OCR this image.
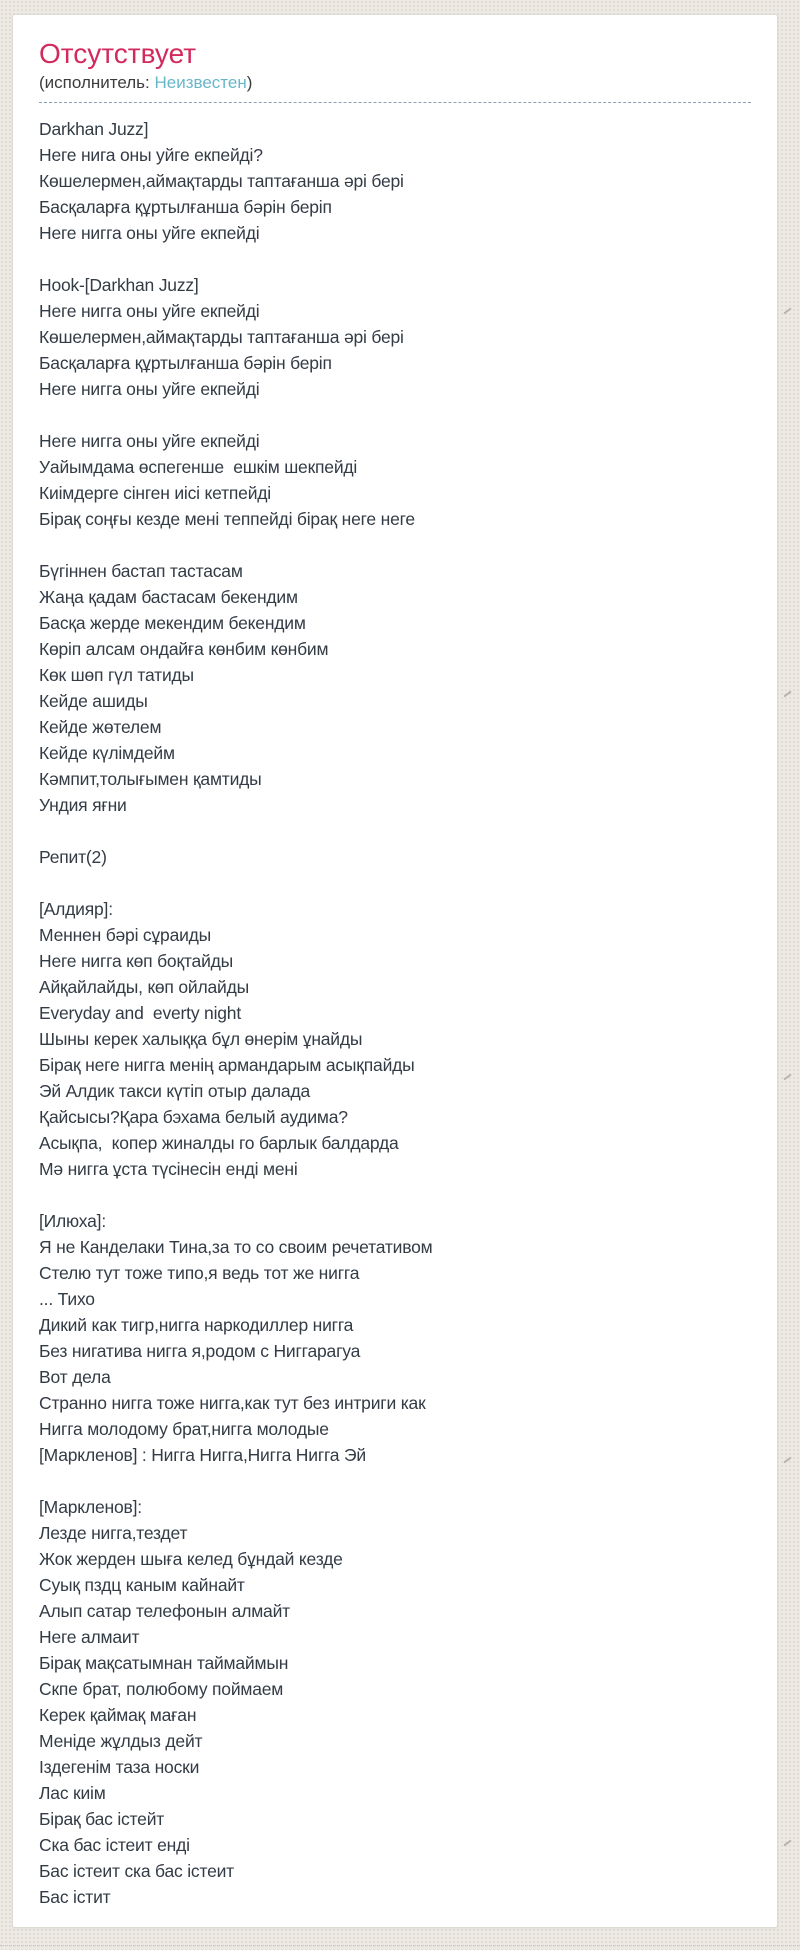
Отсутствует
(исполнитель: Неизвестен)
Darkhan Juzz]
Неге нига оны уйге екпейді?
Көшелермен,аймақтарды таптағанша әрі бері
Басқаларға құртылғанша бәрін беріп
Неге нигга оны уйге екпейді
Hook-[Darkhan Juzz]
Неге нигга оны уйге екпейді
Көшелермен,аймақтарды таптағанша әрі бері
Басқаларға құртылғанша бәрін беріп
Неге нигга оны уйге екпейді
Неге нигга оны уйге екпейді
Уайымдама өспегенше  ешкім шекпейді
Киімдерге сінген иісі кетпейді
Бірақ соңғы кезде мені теппейді бірақ неге неге
Бүгіннен бастап тастасам
Жаңа қадам бастасам бекендим
Басқа жерде мекендим бекендим
Көріп алсам ондайға көнбим көнбим
Көк шөп гүл татиды
Кейде ашиды
Кейде жөтелем
Кейде күлімдейм
Кәмпит,толығымен қамтиды
Ундия яғни
Репит(2)
[Алдияр]:
Меннен бәрі сұраиды
Неге нигга көп боқтайды
Айқайлайды, көп ойлайды
Everyday and  everty night
Шыны керек халыққа бұл өнерім ұнайды
Бірақ неге нигга менің армандарым асықпайды
Эй Алдик такси күтіп отыр далада
Қайсысы?Қара бэхама белый аудима?
Асықпа,  копер жиналды го барлык балдарда
Мә нигга ұста түсінесін енді мені
[Илюха]:
Я не Канделаки Тина,за то со своим речетативом
Стелю тут тоже типо,я ведь тот же нигга
... Тихо
Дикий как тигр,нигга наркодиллер нигга
Без нигатива нигга я,родом с Ниггарагуа
Вот дела
Странно нигга тоже нигга,как тут без интриги как
Нигга молодому брат,нигга молодые
[Маркленов] : Нигга Нигга,Нигга Нигга Эй
[Маркленов]:
Лезде нигга,тездет
Жок жерден шыға келед бұндай кезде
Суық пздц каным кайнайт
Алып сатар телефонын алмайт
Неге алмаит
Бірақ мақсатымнан таймаймын
Скпе брат, полюбому поймаем
Керек қаймақ маған
Меніде жұлдыз дейт
Іздегенім таза носки
Лас киім
Бірақ бас істейт
Ска бас істеит енді
Бас істеит ска бас істеит
Бас істит
